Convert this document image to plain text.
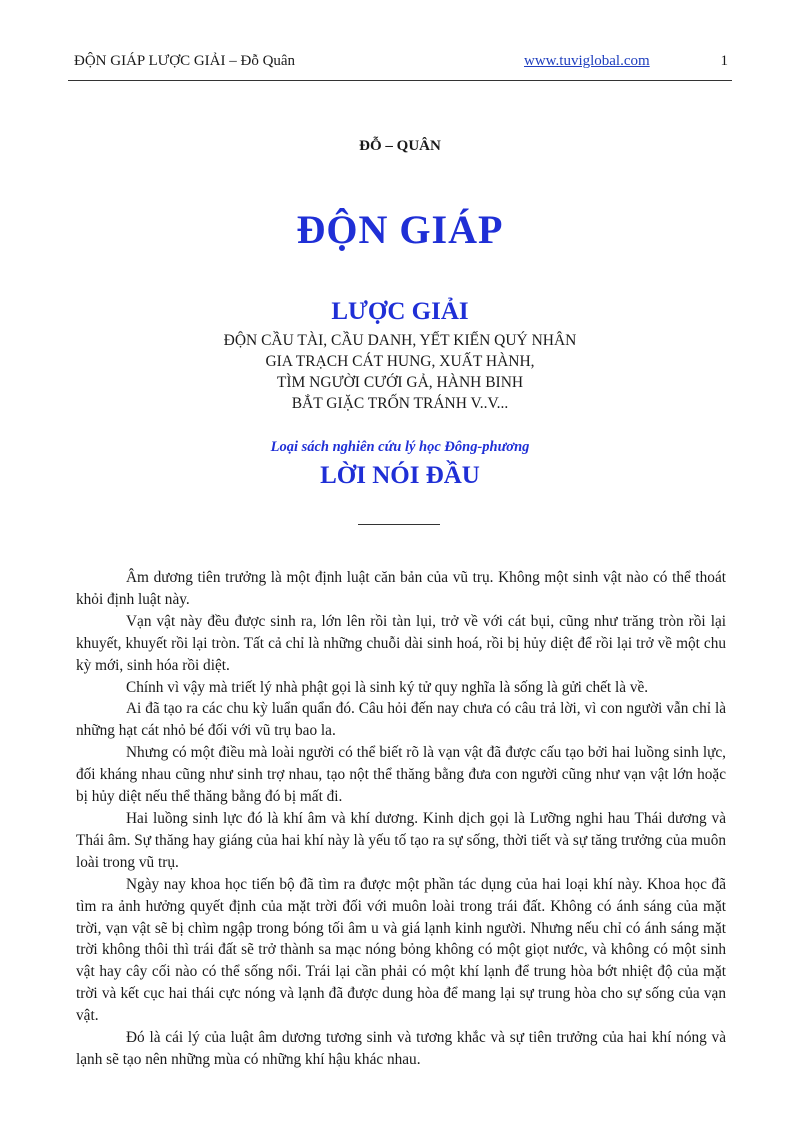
ĐỘN GIÁP LƯỢC GIẢI – Đỗ Quân	www.tuviglobal.com	1
ĐỖ – QUÂN
ĐỘN GIÁP
LƯỢC GIẢI
ĐỘN CẦU TÀI, CẦU DANH, YẾT KIẾN QUÝ NHÂN
GIA TRẠCH CÁT HUNG, XUẤT HÀNH,
TÌM NGƯỜI CƯỚI GẢ, HÀNH BINH
BẮT GIẶC TRỐN TRÁNH V..V...
Loại sách nghiên cứu lý học Đông-phương
LỜI NÓI ĐẦU

Âm dương tiên trưởng là một định luật căn bản của vũ trụ. Không một sinh vật nào có thể thoát khỏi định luật này.

Vạn vật này đều được sinh ra, lớn lên rồi tàn lụi, trở về với cát bụi, cũng như trăng tròn rồi lại khuyết, khuyết rồi lại tròn. Tất cả chỉ là những chuỗi dài sinh hoá, rồi bị hủy diệt để rồi lại trở về một chu kỳ mới, sinh hóa rồi diệt.

Chính vì vậy mà triết lý nhà phật gọi là sinh ký tử quy nghĩa là sống là gửi chết là về.

Ai đã tạo ra các chu kỳ luẩn quẩn đó. Câu hỏi đến nay chưa có câu trả lời, vì con người vẫn chỉ là những hạt cát nhỏ bé đối với vũ trụ bao la.

Nhưng có một điều mà loài người có thể biết rõ là vạn vật đã được cấu tạo bởi hai luồng sinh lực, đối kháng nhau cũng như sinh trợ nhau, tạo nột thể thăng bằng đưa con người cũng như vạn vật lớn hoặc bị hủy diệt nếu thể thăng bằng đó bị mất đi.

Hai luồng sinh lực đó là khí âm và khí dương. Kinh dịch gọi là Lưỡng nghi hau Thái dương và Thái âm. Sự thăng hay giáng của hai khí này là yếu tố tạo ra sự sống, thời tiết và sự tăng trưởng của muôn loài trong vũ trụ.

Ngày nay khoa học tiến bộ đã tìm ra được một phần tác dụng của hai loại khí này. Khoa học đã tìm ra ảnh hưởng quyết định của mặt trời đối với muôn loài trong trái đất. Không có ánh sáng của mặt trời, vạn vật sẽ bị chìm ngập trong bóng tối âm u và giá lạnh kinh người. Nhưng nếu chỉ có ánh sáng mặt trời không thôi thì trái đất sẽ trở thành sa mạc nóng bỏng không có một giọt nước, và không có một sinh vật hay cây cối nào có thể sống nổi. Trái lại cần phải có một khí lạnh để trung hòa bớt nhiệt độ của mặt trời và kết cục hai thái cực nóng và lạnh đã được dung hòa để mang lại sự trung hòa cho sự sống của vạn vật.

Đó là cái lý của luật âm dương tương sinh và tương khắc và sự tiên trưởng của hai khí nóng và lạnh sẽ tạo nên những mùa có những khí hậu khác nhau.
